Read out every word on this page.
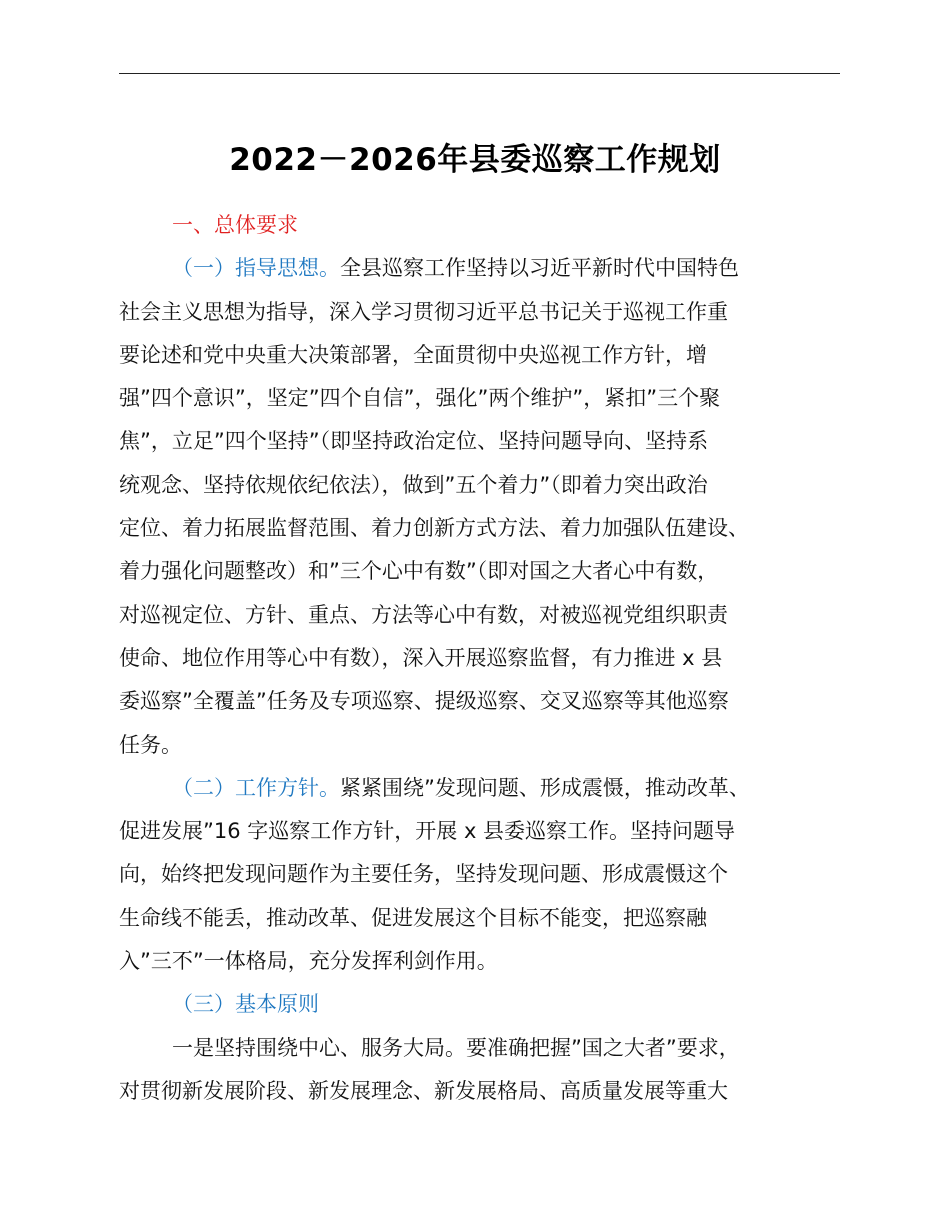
2022－2026年县委巡察工作规划
一、总体要求
（一）指导思想。全县巡察工作坚持以习近平新时代中国特色
社会主义思想为指导，深入学习贯彻习近平总书记关于巡视工作重
要论述和党中央重大决策部署，全面贯彻中央巡视工作方针，增
强”四个意识”，坚定”四个自信”，强化”两个维护”，紧扣”三个聚
焦”，立足”四个坚持”（即坚持政治定位、坚持问题导向、坚持系
统观念、坚持依规依纪依法），做到”五个着力”（即着力突出政治
定位、着力拓展监督范围、着力创新方式方法、着力加强队伍建设、
着力强化问题整改）和”三个心中有数”（即对国之大者心中有数，
对巡视定位、方针、重点、方法等心中有数，对被巡视党组织职责
使命、地位作用等心中有数），深入开展巡察监督，有力推进 x 县
委巡察”全覆盖”任务及专项巡察、提级巡察、交叉巡察等其他巡察
任务。
（二）工作方针。紧紧围绕”发现问题、形成震慑，推动改革、
促进发展”16 字巡察工作方针，开展 x 县委巡察工作。坚持问题导
向，始终把发现问题作为主要任务，坚持发现问题、形成震慑这个
生命线不能丢，推动改革、促进发展这个目标不能变，把巡察融
入”三不”一体格局，充分发挥利剑作用。
（三）基本原则
一是坚持围绕中心、服务大局。要准确把握”国之大者”要求，
对贯彻新发展阶段、新发展理念、新发展格局、高质量发展等重大
